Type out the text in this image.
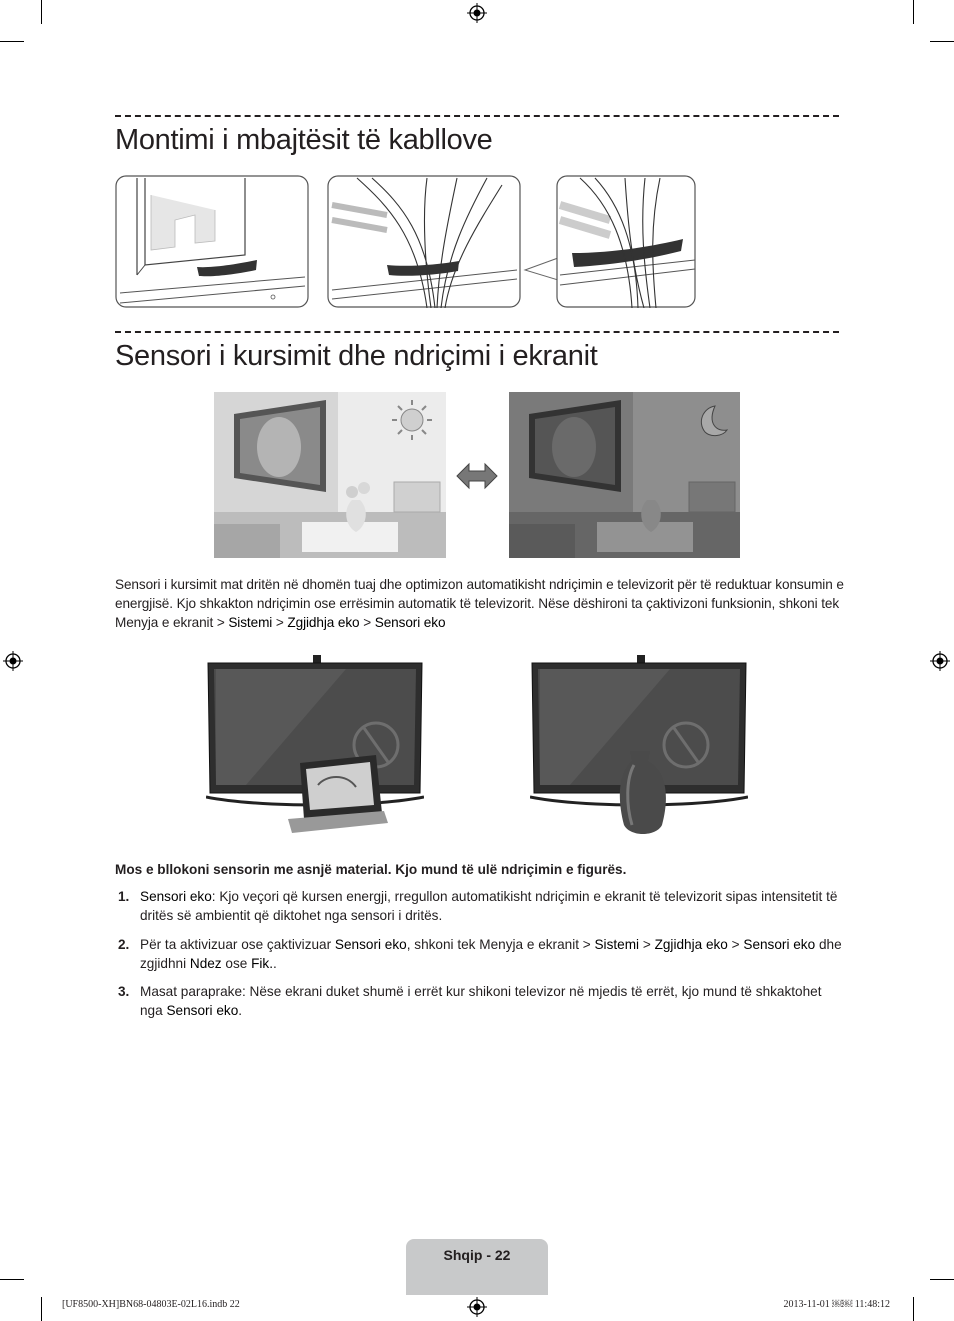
Montimi i mbajtësit të kabllove
Sensori i kursimit dhe ndriçimi i ekranit
Sensori i kursimit mat dritën në dhomën tuaj dhe optimizon automatikisht ndriçimin e televizorit për të reduktuar konsumin e energjisë. Kjo shkakton ndriçimin ose errësimin automatik të televizorit. Nëse dëshironi ta çaktivizoni funksionin, shkoni tek Menyja e ekranit > Sistemi > Zgjidhja eko > Sensori eko
Mos e bllokoni sensorin me asnjë material. Kjo mund të ulë ndriçimin e figurës.
1. Sensori eko: Kjo veçori që kursen energji, rregullon automatikisht ndriçimin e ekranit të televizorit sipas intensitetit të dritës së ambientit që diktohet nga sensori i dritës.
2. Për ta aktivizuar ose çaktivizuar Sensori eko, shkoni tek Menyja e ekranit > Sistemi > Zgjidhja eko > Sensori eko dhe zgjidhni Ndez ose Fik..
3. Masat paraprake: Nëse ekrani duket shumë i errët kur shikoni televizor në mjedis të errët, kjo mund të shkaktohet nga Sensori eko.
Shqip - 22
[UF8500-XH]BN68-04803E-02L16.indb 22	2013-11-01 ￼￼ 11:48:12
